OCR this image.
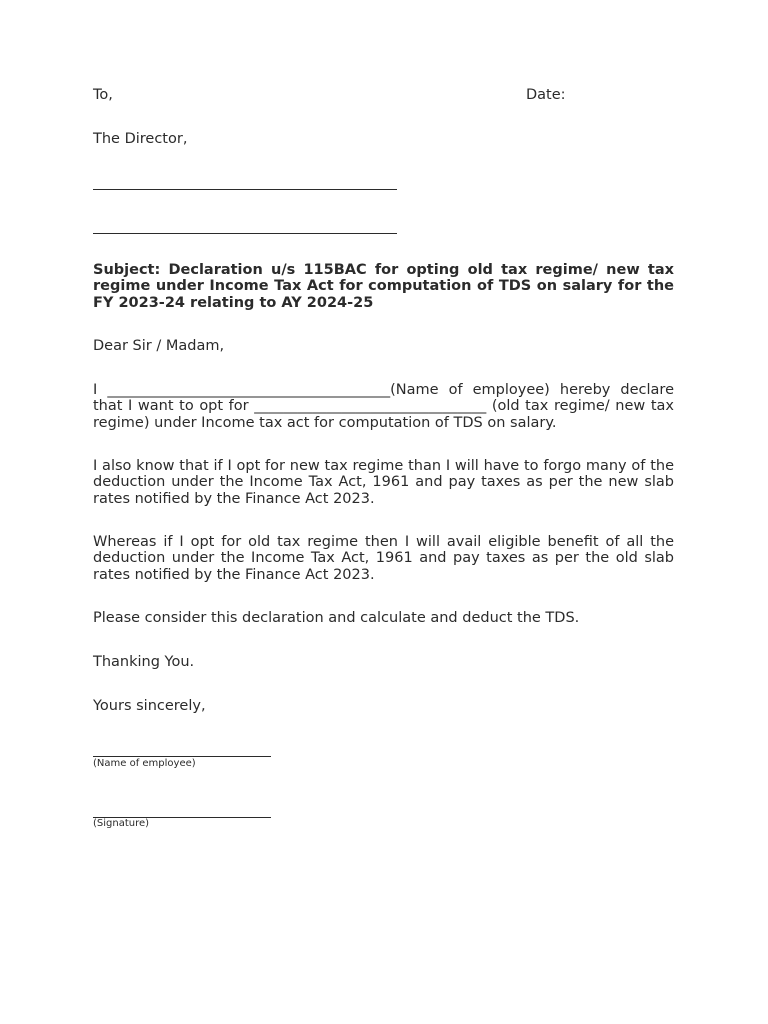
To,	Date:

The Director,

Subject: Declaration u/s 115BAC for opting old tax regime/ new tax regime under Income Tax Act for computation of TDS on salary for the FY 2023-24 relating to AY 2024-25

Dear Sir / Madam,

I _______________________________________(Name of employee) hereby declare that I want to opt for ________________________________ (old tax regime/ new tax regime) under Income tax act for computation of TDS on salary.

I also know that if I opt for new tax regime than I will have to forgo many of the deduction under the Income Tax Act, 1961 and pay taxes as per the new slab rates notified by the Finance Act 2023.

Whereas if I opt for old tax regime then I will avail eligible benefit of all the deduction under the Income Tax Act, 1961 and pay taxes as per the old slab rates notified by the Finance Act 2023.

Please consider this declaration and calculate and deduct the TDS.

Thanking You.

Yours sincerely,

(Name of employee)

(Signature)
